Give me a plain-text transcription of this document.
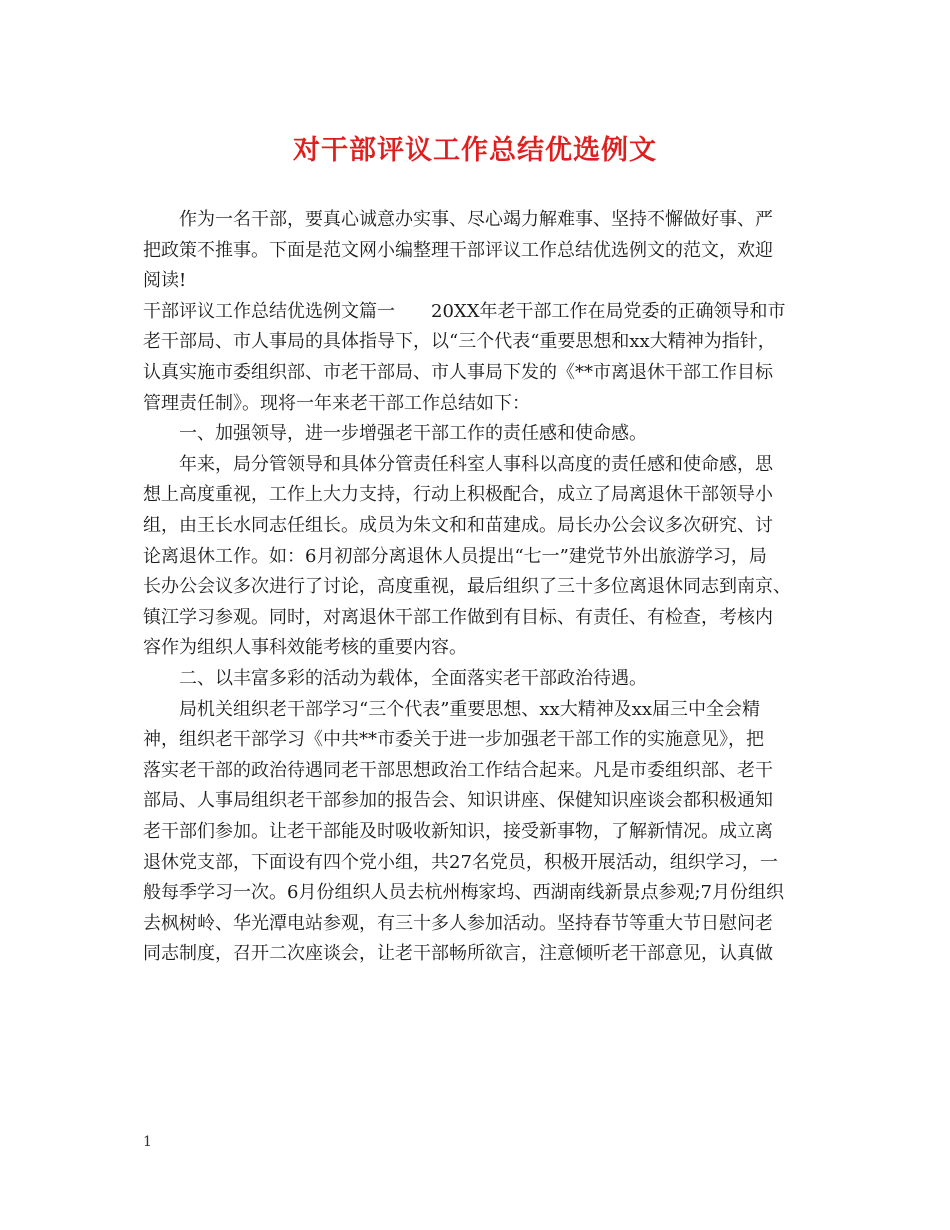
对干部评议工作总结优选例文
　　作为一名干部，要真心诚意办实事、尽心竭力解难事、坚持不懈做好事、严
把政策不推事。下面是范文网小编整理干部评议工作总结优选例文的范文，欢迎
阅读!
干部评议工作总结优选例文篇一　　20XX年老干部工作在局党委的正确领导和市
老干部局、市人事局的具体指导下，以“三个代表“重要思想和xx大精神为指针，
认真实施市委组织部、市老干部局、市人事局下发的《**市离退休干部工作目标
管理责任制》。现将一年来老干部工作总结如下：
　　一、加强领导，进一步增强老干部工作的责任感和使命感。
　　年来，局分管领导和具体分管责任科室人事科以高度的责任感和使命感，思
想上高度重视，工作上大力支持，行动上积极配合，成立了局离退休干部领导小
组，由王长水同志任组长。成员为朱文和和苗建成。局长办公会议多次研究、讨
论离退休工作。如：6月初部分离退休人员提出“七一”建党节外出旅游学习，局
长办公会议多次进行了讨论，高度重视，最后组织了三十多位离退休同志到南京、
镇江学习参观。同时，对离退休干部工作做到有目标、有责任、有检查，考核内
容作为组织人事科效能考核的重要内容。
　　二、以丰富多彩的活动为载体，全面落实老干部政治待遇。
　　局机关组织老干部学习“三个代表”重要思想、xx大精神及xx届三中全会精
神，组织老干部学习《中共**市委关于进一步加强老干部工作的实施意见》，把
落实老干部的政治待遇同老干部思想政治工作结合起来。凡是市委组织部、老干
部局、人事局组织老干部参加的报告会、知识讲座、保健知识座谈会都积极通知
老干部们参加。让老干部能及时吸收新知识，接受新事物，了解新情况。成立离
退休党支部，下面设有四个党小组，共27名党员，积极开展活动，组织学习，一
般每季学习一次。6月份组织人员去杭州梅家坞、西湖南线新景点参观;7月份组织
去枫树岭、华光潭电站参观，有三十多人参加活动。坚持春节等重大节日慰问老
同志制度，召开二次座谈会，让老干部畅所欲言，注意倾听老干部意见，认真做
1
